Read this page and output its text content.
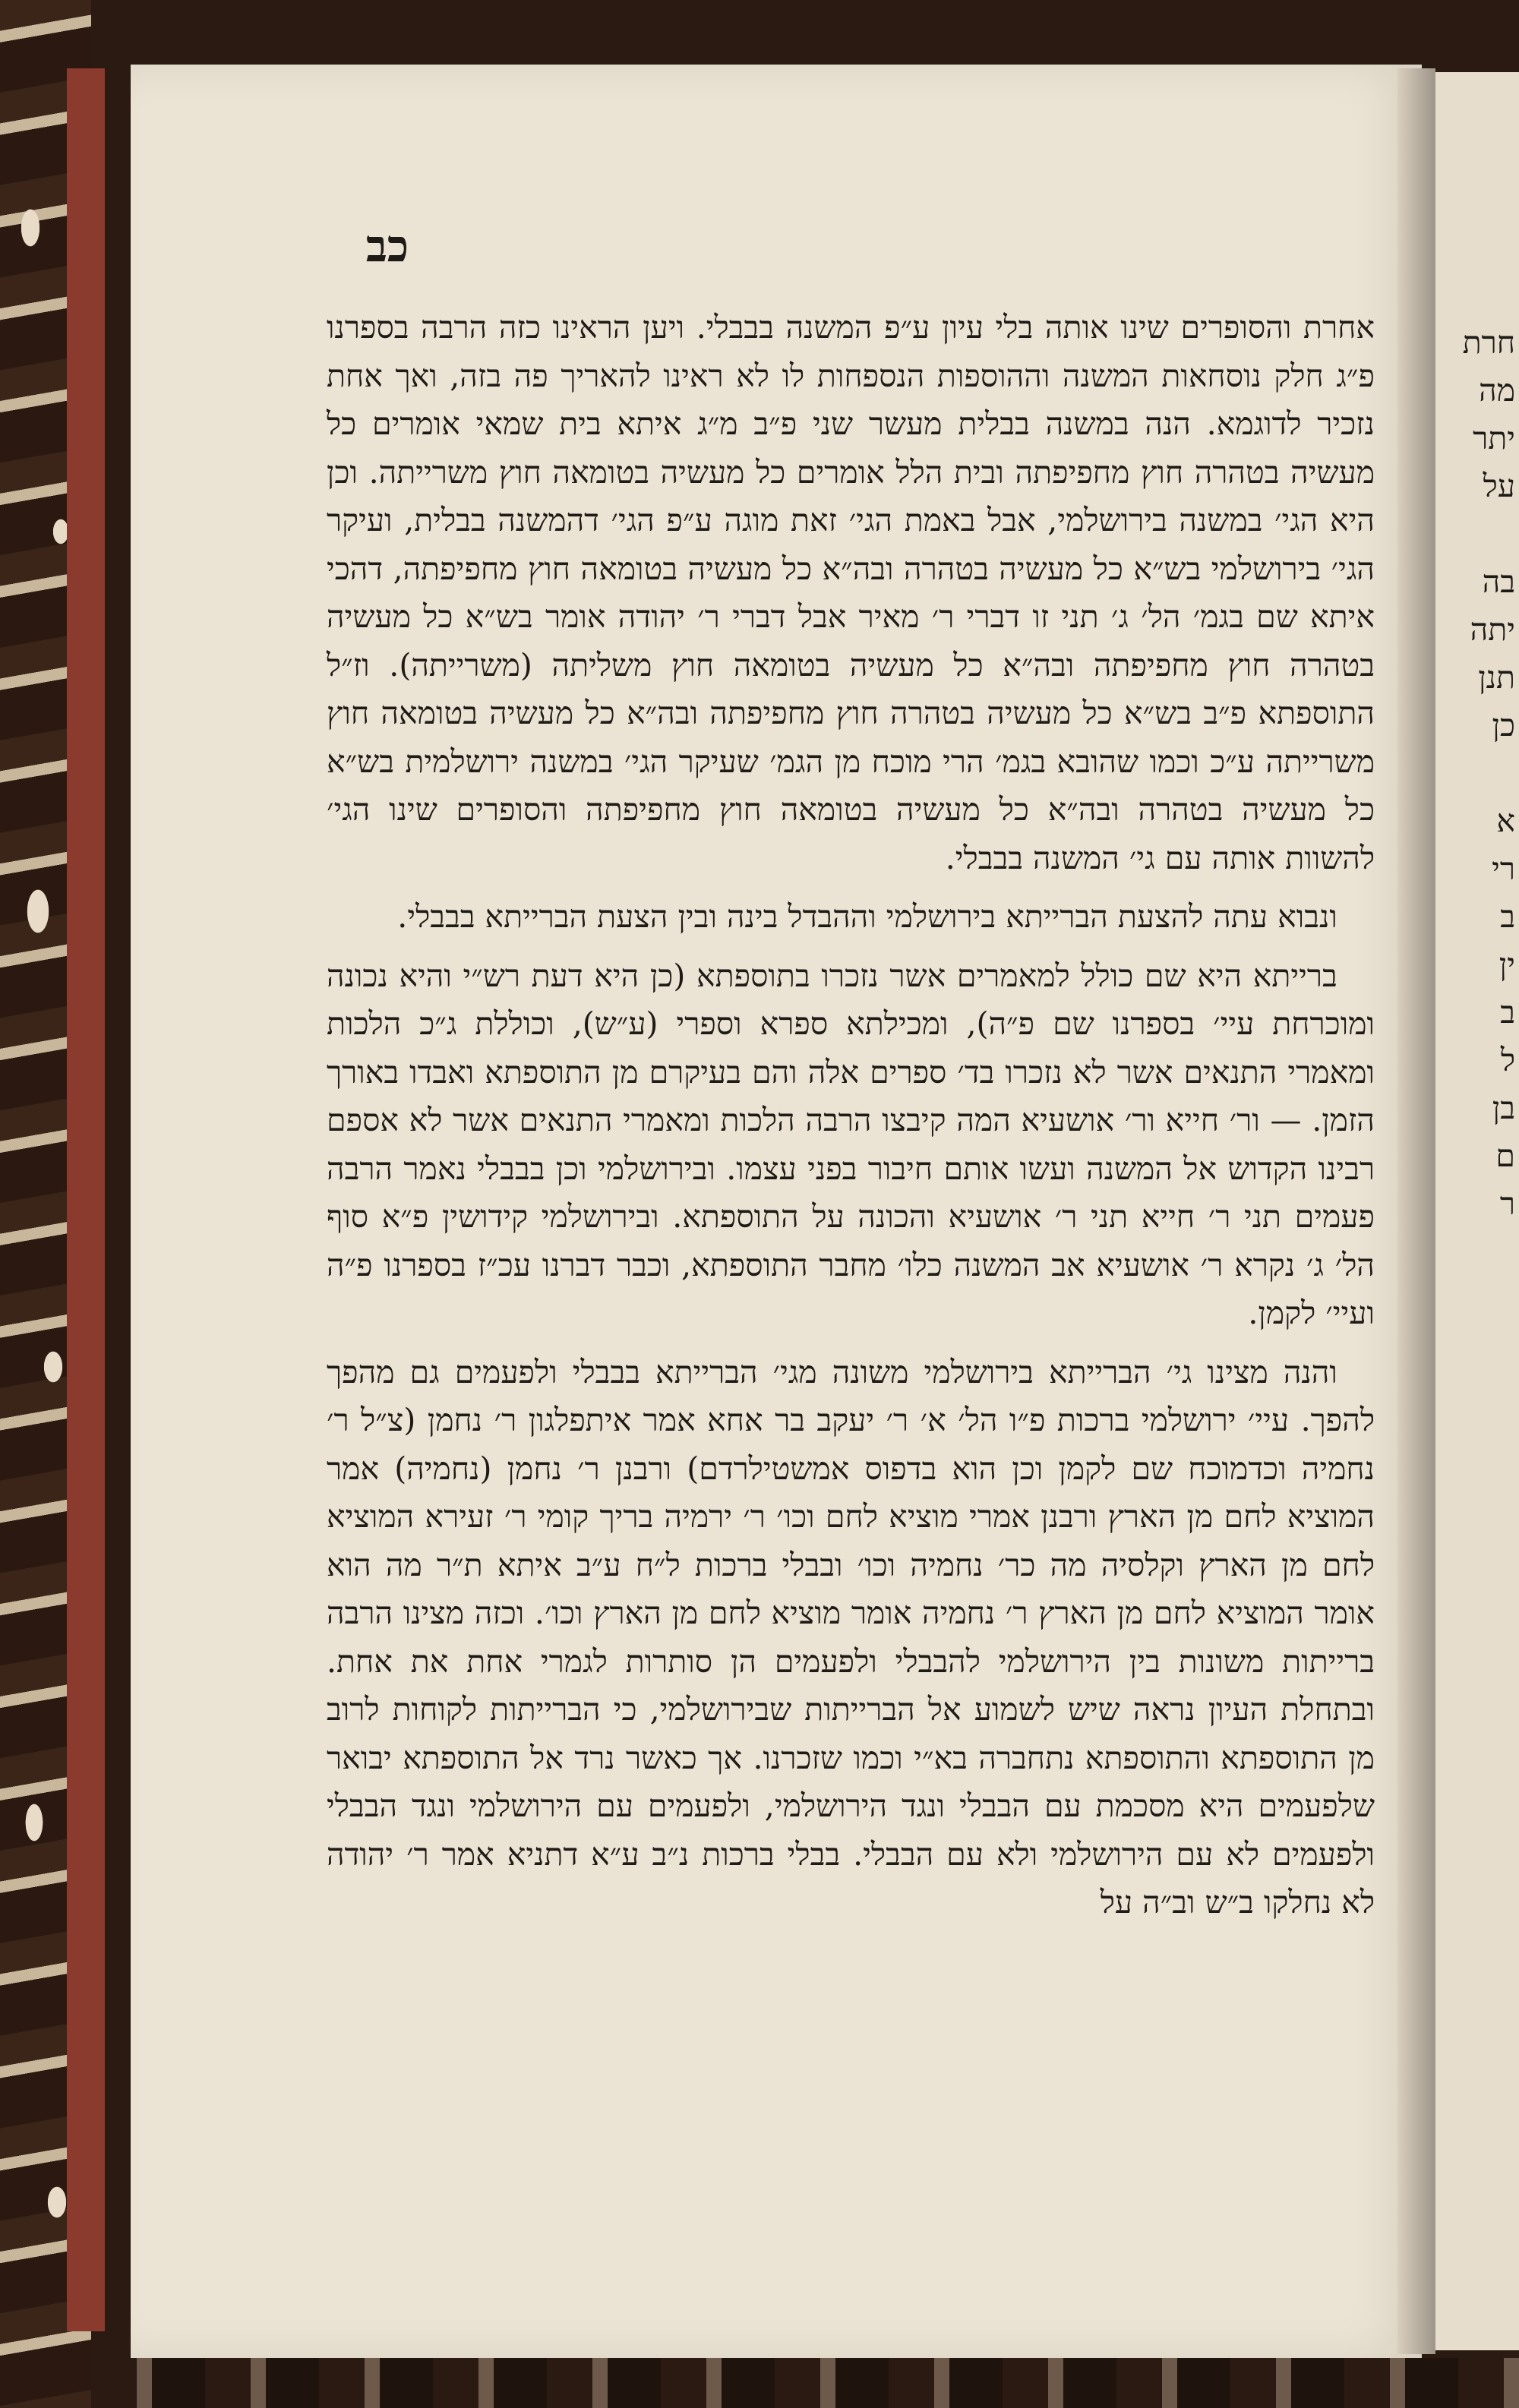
כב

אחרת והסופרים שינו אותה בלי עיון ע״פ המשנה בבבלי. ויען הראינו כזה הרבה בספרנו פ״ג חלק נוסחאות המשנה וההוספות הנספחות לו לא ראינו להאריך פה בזה, ואך אחת נזכיר לדוגמא. הנה במשנה בבלית מעשר שני פ״ב מ״ג איתא בית שמאי אומרים כל מעשיה בטהרה חוץ מחפיפתה ובית הלל אומרים כל מעשיה בטומאה חוץ משרייתה. וכן היא הגי׳ במשנה בירושלמי, אבל באמת הגי׳ זאת מוגה ע״פ הגי׳ דהמשנה בבלית, ועיקר הגי׳ בירושלמי בש״א כל מעשיה בטהרה ובה״א כל מעשיה בטומאה חוץ מחפיפתה, דהכי איתא שם בגמ׳ הל׳ ג׳ תני זו דברי ר׳ מאיר אבל דברי ר׳ יהודה אומר בש״א כל מעשיה בטהרה חוץ מחפיפתה ובה״א כל מעשיה בטומאה חוץ משליתה (משרייתה). וז״ל התוספתא פ״ב בש״א כל מעשיה בטהרה חוץ מחפיפתה ובה״א כל מעשיה בטומאה חוץ משרייתה ע״כ וכמו שהובא בגמ׳ הרי מוכח מן הגמ׳ שעיקר הגי׳ במשנה ירושלמית בש״א כל מעשיה בטהרה ובה״א כל מעשיה בטומאה חוץ מחפיפתה והסופרים שינו הגי׳ להשוות אותה עם גי׳ המשנה בבבלי.

ונבוא עתה להצעת הברייתא בירושלמי וההבדל בינה ובין הצעת הברייתא בבבלי.

ברייתא היא שם כולל למאמרים אשר נזכרו בתוספתא (כן היא דעת רש״י והיא נכונה ומוכרחת עיי׳ בספרנו שם פ״ה), ומכילתא ספרא וספרי (ע״ש), וכוללת ג״כ הלכות ומאמרי התנאים אשר לא נזכרו בד׳ ספרים אלה והם בעיקרם מן התוספתא ואבדו באורך הזמן. — ור׳ חייא ור׳ אושעיא המה קיבצו הרבה הלכות ומאמרי התנאים אשר לא אספם רבינו הקדוש אל המשנה ועשו אותם חיבור בפני עצמו. ובירושלמי וכן בבבלי נאמר הרבה פעמים תני ר׳ חייא תני ר׳ אושעיא והכונה על התוספתא. ובירושלמי קידושין פ״א סוף הל׳ ג׳ נקרא ר׳ אושעיא אב המשנה כלו׳ מחבר התוספתא, וכבר דברנו עכ״ז בספרנו פ״ה ועיי׳ לקמן.

והנה מצינו גי׳ הברייתא בירושלמי משונה מגי׳ הברייתא בבבלי ולפעמים גם מהפך להפך. עיי׳ ירושלמי ברכות פ״ו הל׳ א׳ ר׳ יעקב בר אחא אמר איתפלגון ר׳ נחמן (צ״ל ר׳ נחמיה וכדמוכח שם לקמן וכן הוא בדפוס אמשטילרדם) ורבנן ר׳ נחמן (נחמיה) אמר המוציא לחם מן הארץ ורבנן אמרי מוציא לחם וכו׳ ר׳ ירמיה בריך קומי ר׳ זעירא המוציא לחם מן הארץ וקלסיה מה כר׳ נחמיה וכו׳ ובבלי ברכות ל״ח ע״ב איתא ת״ר מה הוא אומר המוציא לחם מן הארץ ר׳ נחמיה אומר מוציא לחם מן הארץ וכו׳. וכזה מצינו הרבה ברייתות משונות בין הירושלמי להבבלי ולפעמים הן סותרות לגמרי אחת את אחת. ובתחלת העיון נראה שיש לשמוע אל הברייתות שבירושלמי, כי הברייתות לקוחות לרוב מן התוספתא והתוספתא נתחברה בא״י וכמו שזכרנו. אך כאשר נרד אל התוספתא יבואר שלפעמים היא מסכמת עם הבבלי ונגד הירושלמי, ולפעמים עם הירושלמי ונגד הבבלי ולפעמים לא עם הירושלמי ולא עם הבבלי. בבלי ברכות נ״ב ע״א דתניא אמר ר׳ יהודה לא נחלקו ב״ש וב״ה על

חרת
מה
יתר
על
בה
יתה
תנן
כן
א
רי
ב
ין
ב
ל
בן
ם
ר
